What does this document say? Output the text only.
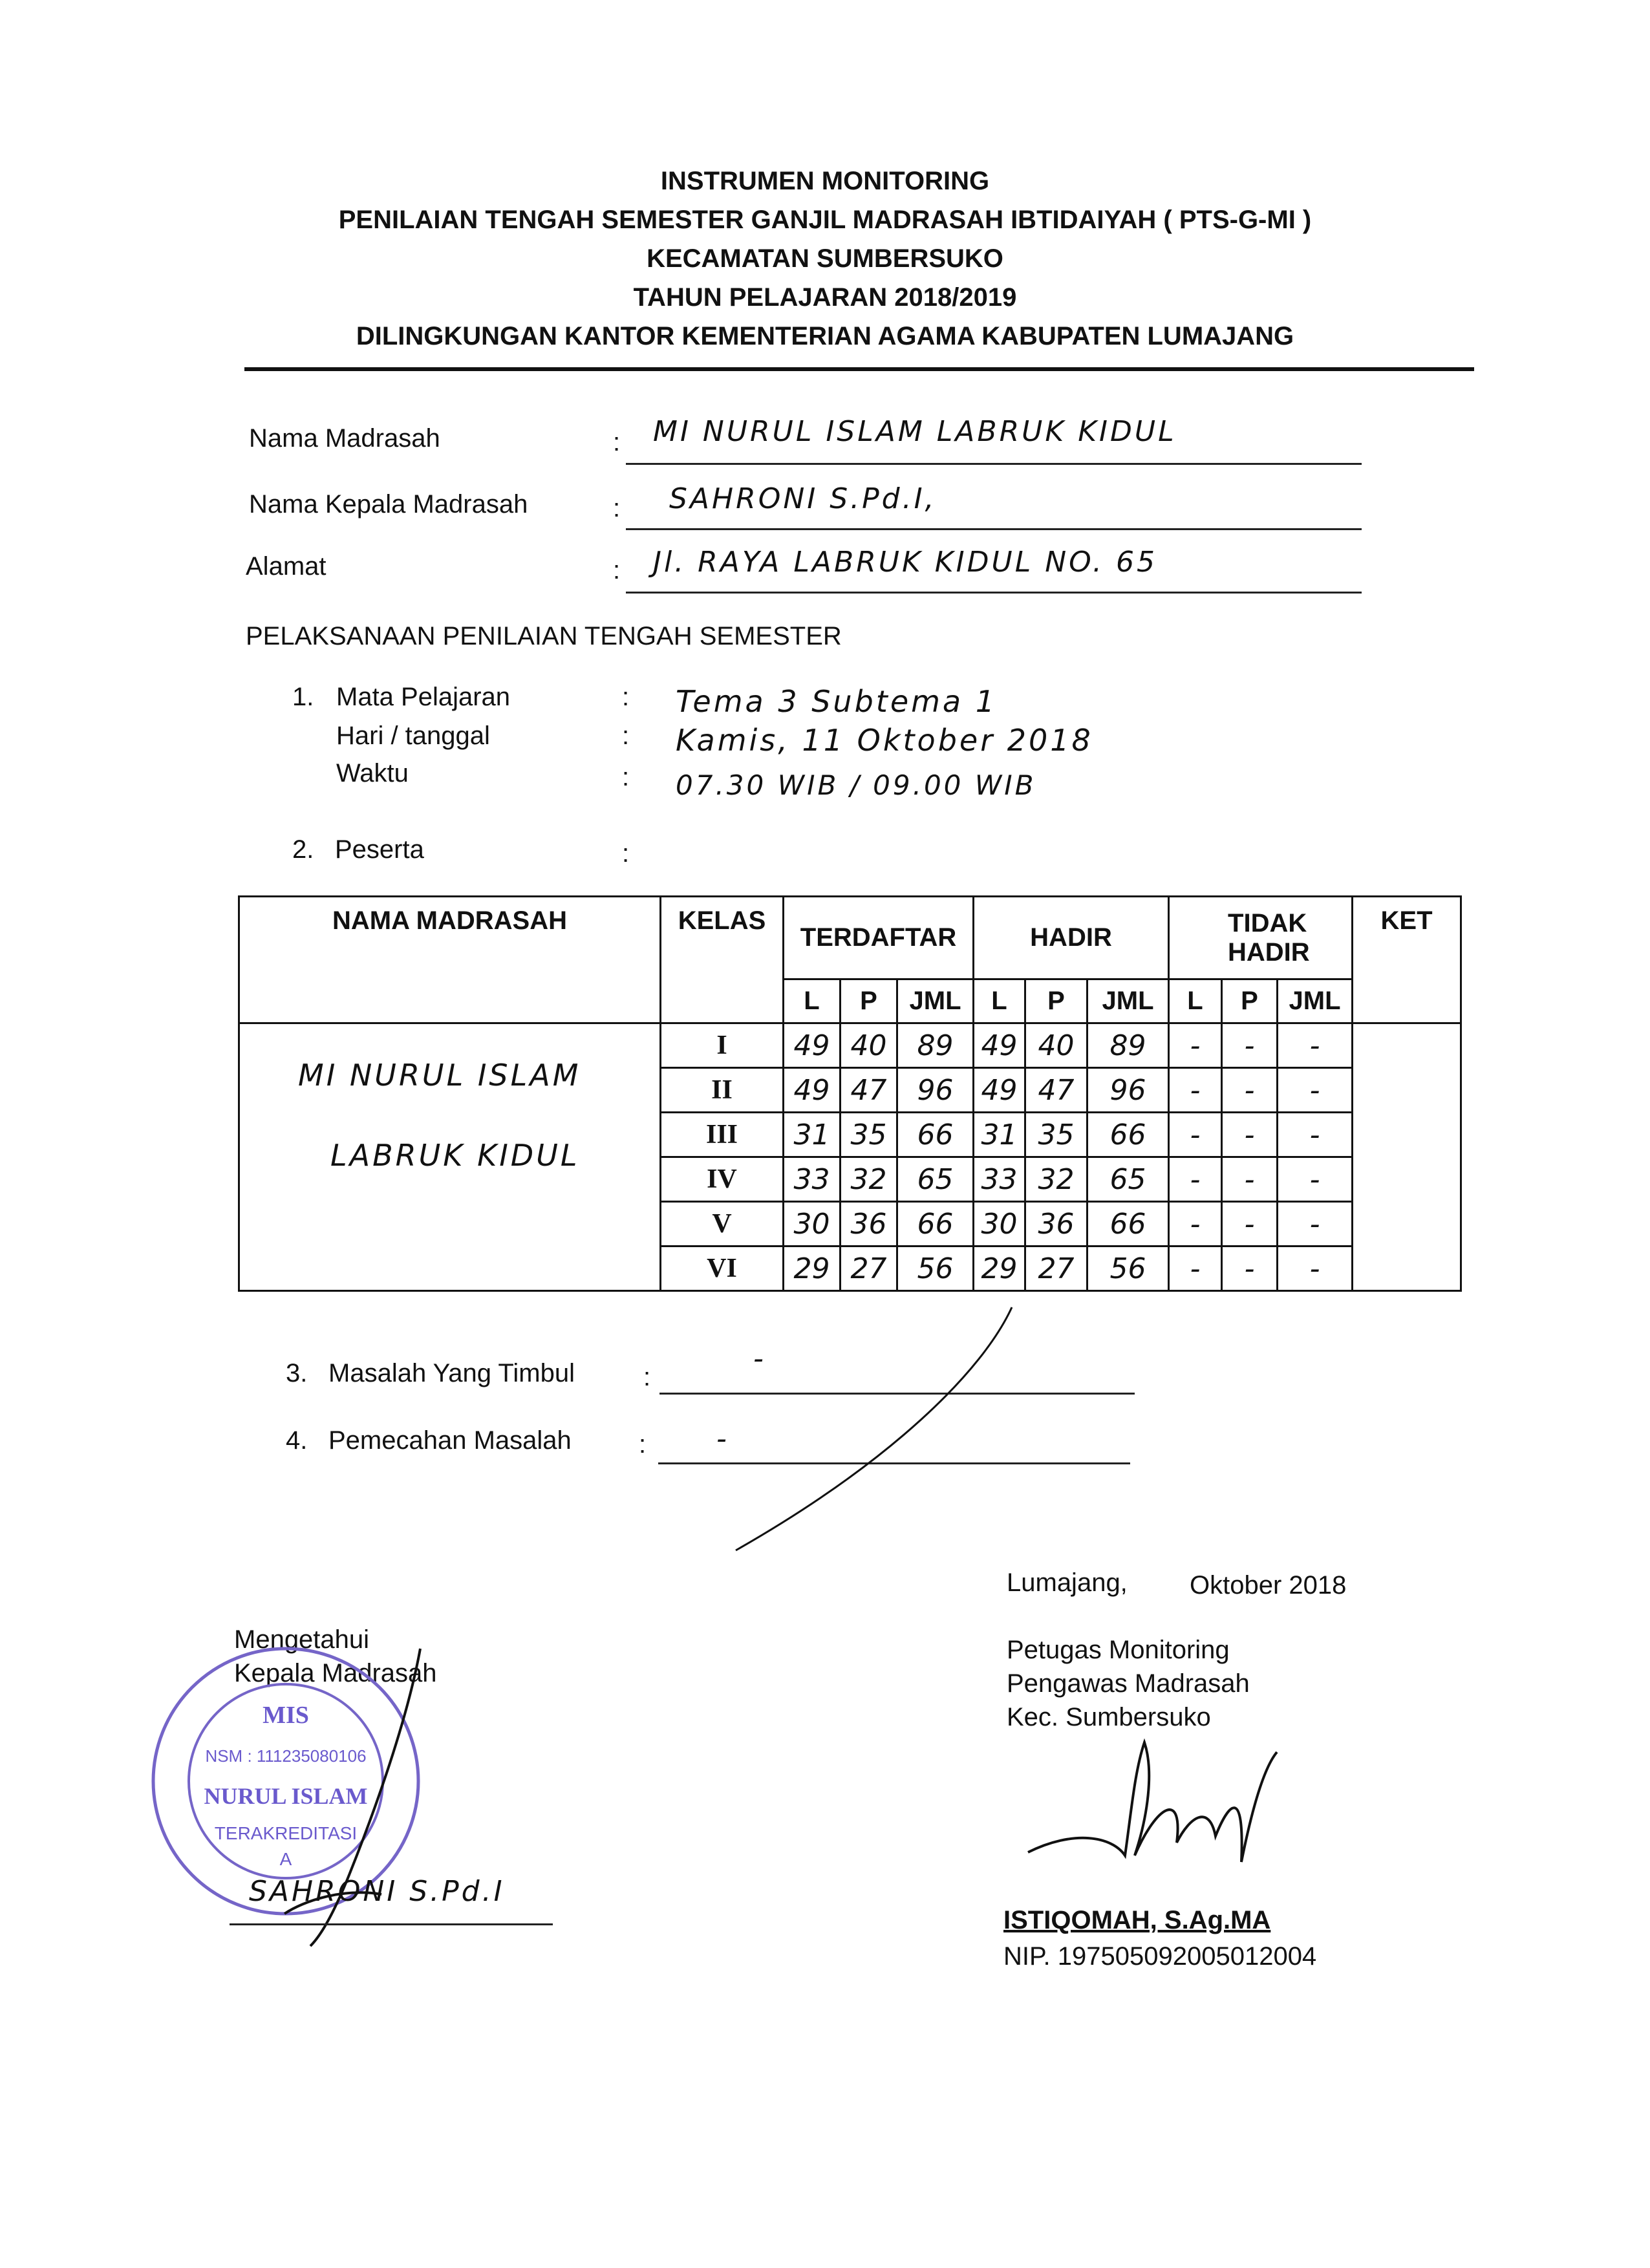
INSTRUMEN MONITORING
PENILAIAN TENGAH SEMESTER GANJIL MADRASAH IBTIDAIYAH ( PTS-G-MI )
KECAMATAN SUMBERSUKO
TAHUN PELAJARAN 2018/2019
DILINGKUNGAN KANTOR KEMENTERIAN AGAMA KABUPATEN LUMAJANG
Nama Madrasah	: MI NURUL ISLAM LABRUK KIDUL
Nama Kepala Madrasah	: SAHRONI S.Pd.I,
Alamat	: Jl. RAYA LABRUK KIDUL NO. 65
PELAKSANAAN PENILAIAN TENGAH SEMESTER
1. Mata Pelajaran	: Tema 3 Subtema 1
Hari / tanggal	: Kamis, 11 Oktober 2018
Waktu	: 07.30 WIB / 09.00 WIB
2. Peserta	:
NAMA MADRASAH	KELAS	TERDAFTAR			HADIR			TIDAK HADIR			KET
		L	P	JML	L	P	JML	L	P	JML	

MI NURUL ISLAM
LABRUK KIDUL	I	49	40	89	49	40	89	-	-	-	
	II	49	47	96	49	47	96	-	-	-	
	III	31	35	66	31	35	66	-	-	-	
	IV	33	32	65	33	32	65	-	-	-	
	V	30	36	66	30	36	66	-	-	-	
	VI	29	27	56	29	27	56	-	-	-	
3. Masalah Yang Timbul	:
-
4. Pemecahan Masalah	: -
Lumajang, Oktober 2018
Mengetahui
Kepala Madrasah
Petugas Monitoring
Pengawas Madrasah
Kec. Sumbersuko
MIS
NSM : 111235080106
NURUL ISLAM
TERAKREDITASI
A
SAHRONI S.Pd.I
ISTIQOMAH, S.Ag.MA
NIP. 197505092005012004
